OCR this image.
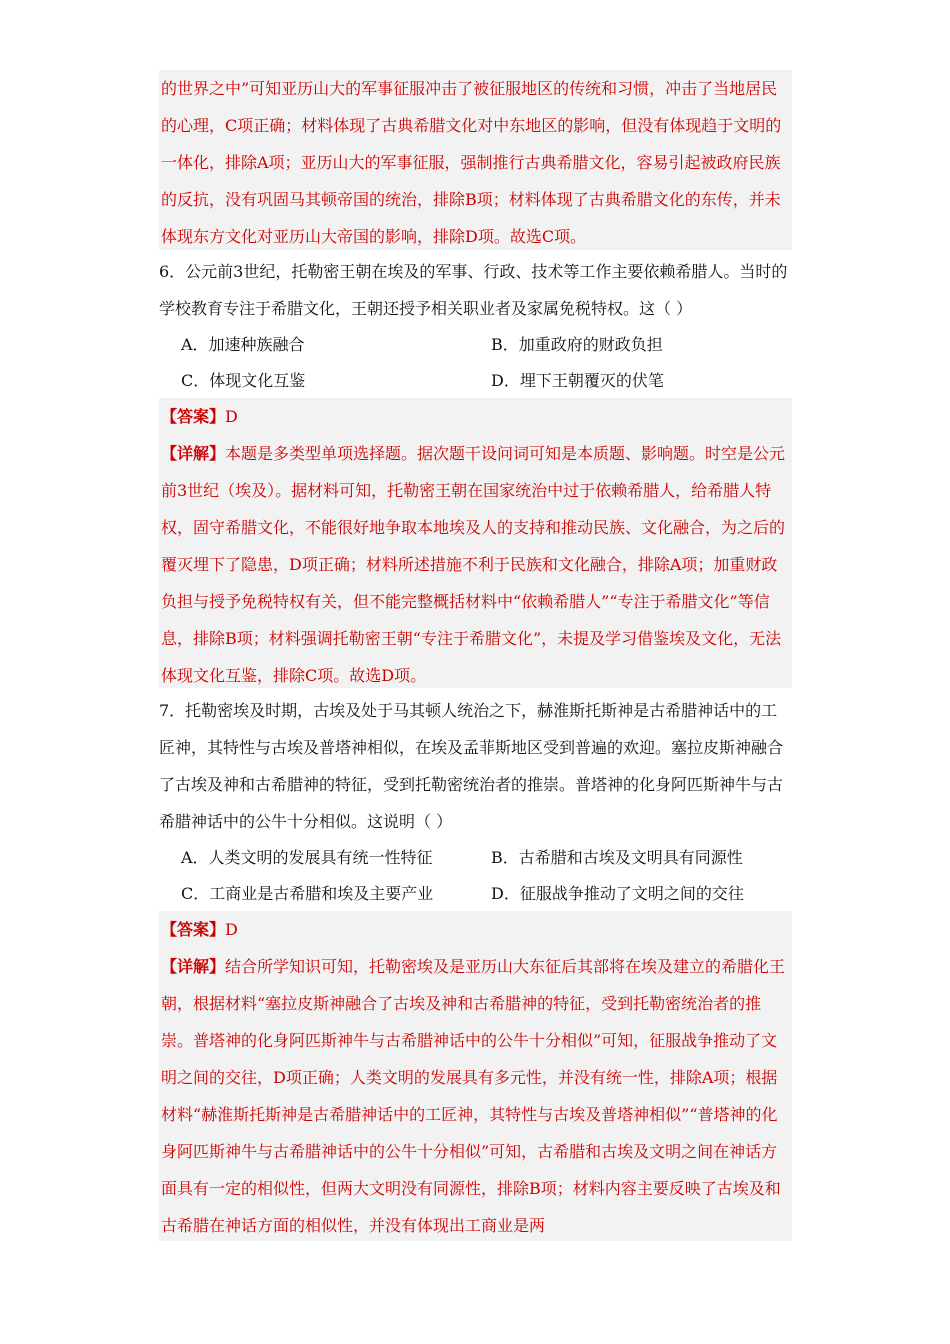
的世界之中”可知亚历山大的军事征服冲击了被征服地区的传统和习惯，冲击了当地居民的心理，C项正确；材料体现了古典希腊文化对中东地区的影响，但没有体现趋于文明的一体化，排除A项；亚历山大的军事征服，强制推行古典希腊文化，容易引起被政府民族的反抗，没有巩固马其顿帝国的统治，排除B项；材料体现了古典希腊文化的东传，并未体现东方文化对亚历山大帝国的影响，排除D项。故选C项。

6．公元前3世纪，托勒密王朝在埃及的军事、行政、技术等工作主要依赖希腊人。当时的学校教育专注于希腊文化，王朝还授予相关职业者及家属免税特权。这（ ）

A．加速种族融合	B．加重政府的财政负担
C．体现文化互鉴	D．埋下王朝覆灭的伏笔

【答案】D

【详解】本题是多类型单项选择题。据次题干设问词可知是本质题、影响题。时空是公元前3世纪（埃及）。据材料可知，托勒密王朝在国家统治中过于依赖希腊人，给希腊人特权，固守希腊文化，不能很好地争取本地埃及人的支持和推动民族、文化融合，为之后的覆灭埋下了隐患，D项正确；材料所述措施不利于民族和文化融合，排除A项；加重财政负担与授予免税特权有关，但不能完整概括材料中“依赖希腊人”“专注于希腊文化”等信息，排除B项；材料强调托勒密王朝“专注于希腊文化”，未提及学习借鉴埃及文化，无法体现文化互鉴，排除C项。故选D项。

7．托勒密埃及时期，古埃及处于马其顿人统治之下，赫淮斯托斯神是古希腊神话中的工匠神，其特性与古埃及普塔神相似，在埃及孟菲斯地区受到普遍的欢迎。塞拉皮斯神融合了古埃及神和古希腊神的特征，受到托勒密统治者的推崇。普塔神的化身阿匹斯神牛与古希腊神话中的公牛十分相似。这说明（ ）

A．人类文明的发展具有统一性特征	B．古希腊和古埃及文明具有同源性
C．工商业是古希腊和埃及主要产业	D．征服战争推动了文明之间的交往

【答案】D

【详解】结合所学知识可知，托勒密埃及是亚历山大东征后其部将在埃及建立的希腊化王朝，根据材料“塞拉皮斯神融合了古埃及神和古希腊神的特征，受到托勒密统治者的推崇。普塔神的化身阿匹斯神牛与古希腊神话中的公牛十分相似”可知，征服战争推动了文明之间的交往，D项正确；人类文明的发展具有多元性，并没有统一性，排除A项；根据材料“赫淮斯托斯神是古希腊神话中的工匠神，其特性与古埃及普塔神相似”“普塔神的化身阿匹斯神牛与古希腊神话中的公牛十分相似”可知，古希腊和古埃及文明之间在神话方面具有一定的相似性，但两大文明没有同源性，排除B项；材料内容主要反映了古埃及和古希腊在神话方面的相似性，并没有体现出工商业是两
